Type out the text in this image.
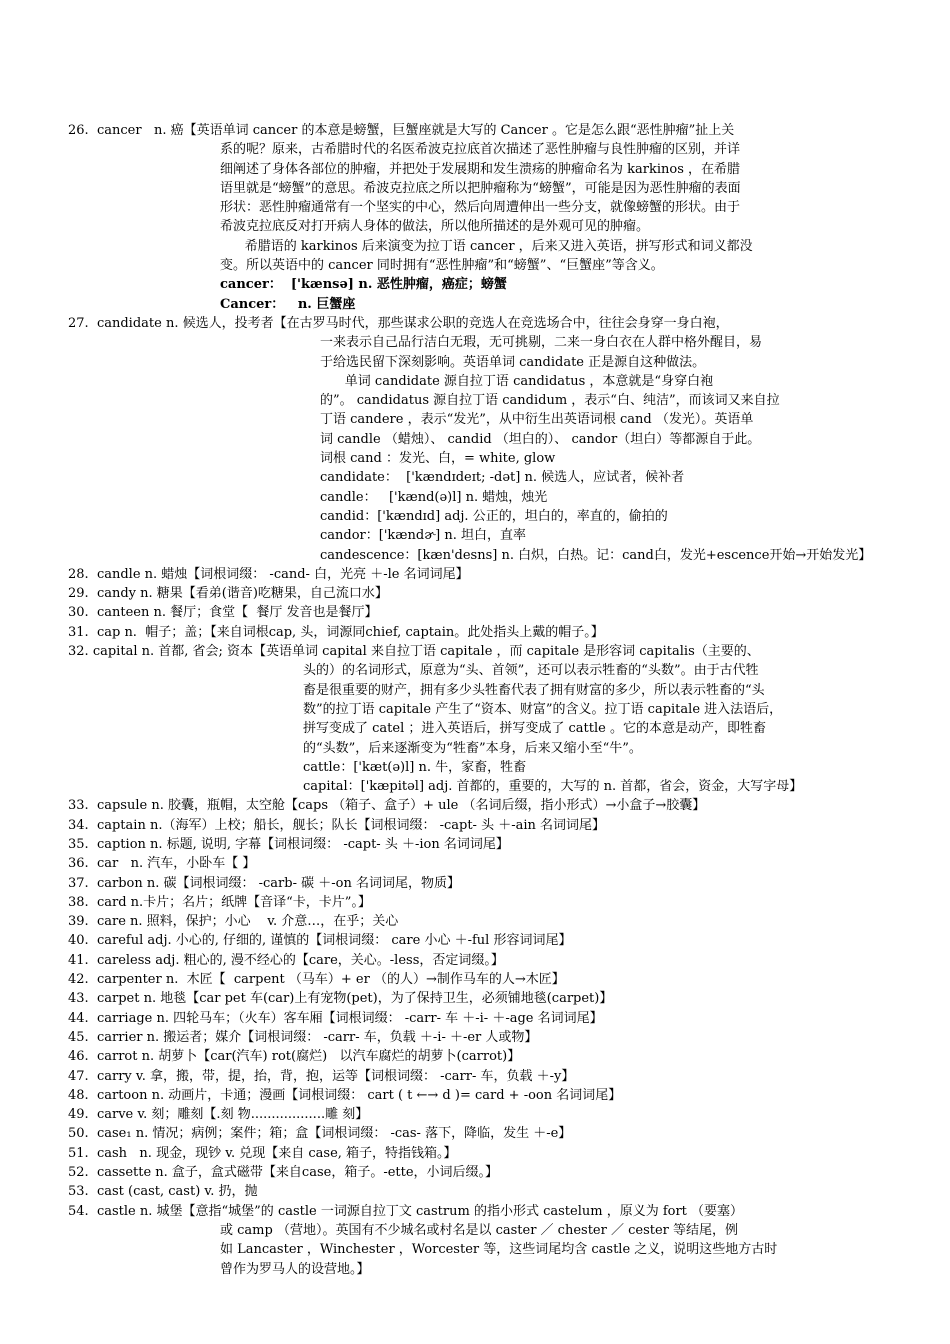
26. cancer   n. 癌【英语单词 cancer 的本意是螃蟹，巨蟹座就是大写的 Cancer 。它是怎么跟“恶性肿瘤”扯上关
系的呢？原来，古希腊时代的名医希波克拉底首次描述了恶性肿瘤与良性肿瘤的区别，并详
细阐述了身体各部位的肿瘤，并把处于发展期和发生溃疡的肿瘤命名为 karkinos ，在希腊
语里就是“螃蟹”的意思。希波克拉底之所以把肿瘤称为“螃蟹”，可能是因为恶性肿瘤的表面
形状：恶性肿瘤通常有一个坚实的中心，然后向周遭伸出一些分支，就像螃蟹的形状。由于
希波克拉底反对打开病人身体的做法，所以他所描述的是外观可见的肿瘤。
希腊语的 karkinos 后来演变为拉丁语 cancer ，后来又进入英语，拼写形式和词义都没
变。所以英语中的 cancer 同时拥有“恶性肿瘤”和“螃蟹”、“巨蟹座”等含义。
cancer：  ['kænsə] n. 恶性肿瘤，癌症；螃蟹
Cancer：   n. 巨蟹座
27. candidate n. 候选人，投考者【在古罗马时代，那些谋求公职的竞选人在竞选场合中，往往会身穿一身白袍，
一来表示自己品行洁白无瑕，无可挑剔，二来一身白衣在人群中格外醒目，易
于给选民留下深刻影响。英语单词 candidate 正是源自这种做法。
单词 candidate 源自拉丁语 candidatus ，本意就是“身穿白袍
的”。 candidatus 源自拉丁语 candidum ，表示“白、纯洁”，而该词又来自拉
丁语 candere ，表示“发光”，从中衍生出英语词根 cand （发光）。英语单
词 candle （蜡烛）、 candid （坦白的）、 candor（坦白）等都源自于此。
词根 cand ：发光、白，= white, glow
candidate：  ['kændɪdeɪt; -dət] n. 候选人，应试者，候补者
candle：   ['kænd(ə)l] n. 蜡烛，烛光
candid：['kændɪd] adj. 公正的，坦白的，率直的，偷拍的
candor：['kændɚ] n. 坦白，直率
candescence：[kæn'desns] n. 白炽，白热。记：cand白，发光+escence开始→开始发光】
28. candle n. 蜡烛【词根词缀： -cand- 白，光亮 ＋-le 名词词尾】
29. candy n. 糖果【看弟(谐音)吃糖果，自己流口水】
30. canteen n. 餐厅；食堂【  餐厅 发音也是餐厅】
31. cap n.  帽子；盖；【来自词根cap, 头，词源同chief, captain。此处指头上戴的帽子。】
32. capital n. 首都, 省会; 资本【英语单词 capital 来自拉丁语 capitale ，而 capitale 是形容词 capitalis（主要的、
头的）的名词形式，原意为“头、首领”，还可以表示牲畜的“头数”。由于古代牲
畜是很重要的财产，拥有多少头牲畜代表了拥有财富的多少，所以表示牲畜的“头
数”的拉丁语 capitale 产生了“资本、财富”的含义。拉丁语 capitale 进入法语后，
拼写变成了 catel ；进入英语后，拼写变成了 cattle 。它的本意是动产，即牲畜
的“头数”，后来逐渐变为“牲畜”本身，后来又缩小至“牛”。
cattle：['kæt(ə)l] n. 牛，家畜，牲畜
capital：['kæpitəl] adj. 首都的，重要的，大写的 n. 首都，省会，资金，大写字母】
33. capsule n. 胶囊，瓶帽，太空舱【caps （箱子、盒子）+ ule （名词后缀，指小形式）→小盒子→胶囊】
34. captain n.（海军）上校；船长，舰长；队长【词根词缀： -capt- 头 ＋-ain 名词词尾】
35. caption n. 标题, 说明, 字幕【词根词缀： -capt- 头 ＋-ion 名词词尾】
36. car   n. 汽车，小卧车【 】
37. carbon n. 碳【词根词缀： -carb- 碳 ＋-on 名词词尾，物质】
38. card n.卡片；名片；纸牌【音译“卡，卡片”。】
39. care n. 照料，保护；小心    v. 介意…，在乎；关心
40. careful adj. 小心的, 仔细的, 谨慎的【词根词缀： care 小心 ＋-ful 形容词词尾】
41. careless adj. 粗心的, 漫不经心的【care，关心。-less，否定词缀。】
42. carpenter n.  木匠【  carpent （马车）+ er （的人）→制作马车的人→木匠】
43. carpet n. 地毯【car pet 车(car)上有宠物(pet)，为了保持卫生，必须铺地毯(carpet)】
44. carriage n. 四轮马车；（火车）客车厢【词根词缀： -carr- 车 ＋-i- ＋-age 名词词尾】
45. carrier n. 搬运者；媒介【词根词缀： -carr- 车，负载 ＋-i- ＋-er 人或物】
46. carrot n. 胡萝卜【car(汽车) rot(腐烂)   以汽车腐烂的胡萝卜(carrot)】
47. carry v. 拿，搬，带，提，抬，背，抱，运等【词根词缀： -carr- 车，负载 ＋-y】
48. cartoon n. 动画片，卡通；漫画【词根词缀： cart ( t ←→ d )= card + -oon 名词词尾】
49. carve v. 刻；雕刻【.刻 物..................雕 刻】
50. case₁ n. 情况；病例；案件；箱；盒【词根词缀： -cas- 落下，降临，发生 ＋-e】
51. cash   n. 现金，现钞 v. 兑现【来自 case, 箱子，特指钱箱。】
52. cassette n. 盒子，盒式磁带【来自case，箱子。-ette，小词后缀。】
53. cast (cast, cast) v. 扔，抛
54. castle n. 城堡【意指“城堡”的 castle 一词源自拉丁文 castrum 的指小形式 castelum ，原义为 fort （要塞）
或 camp （营地）。英国有不少城名或村名是以 caster ／ chester ／ cester 等结尾，例
如 Lancaster ，Winchester ，Worcester 等，这些词尾均含 castle 之义，说明这些地方古时
曾作为罗马人的设营地。】
